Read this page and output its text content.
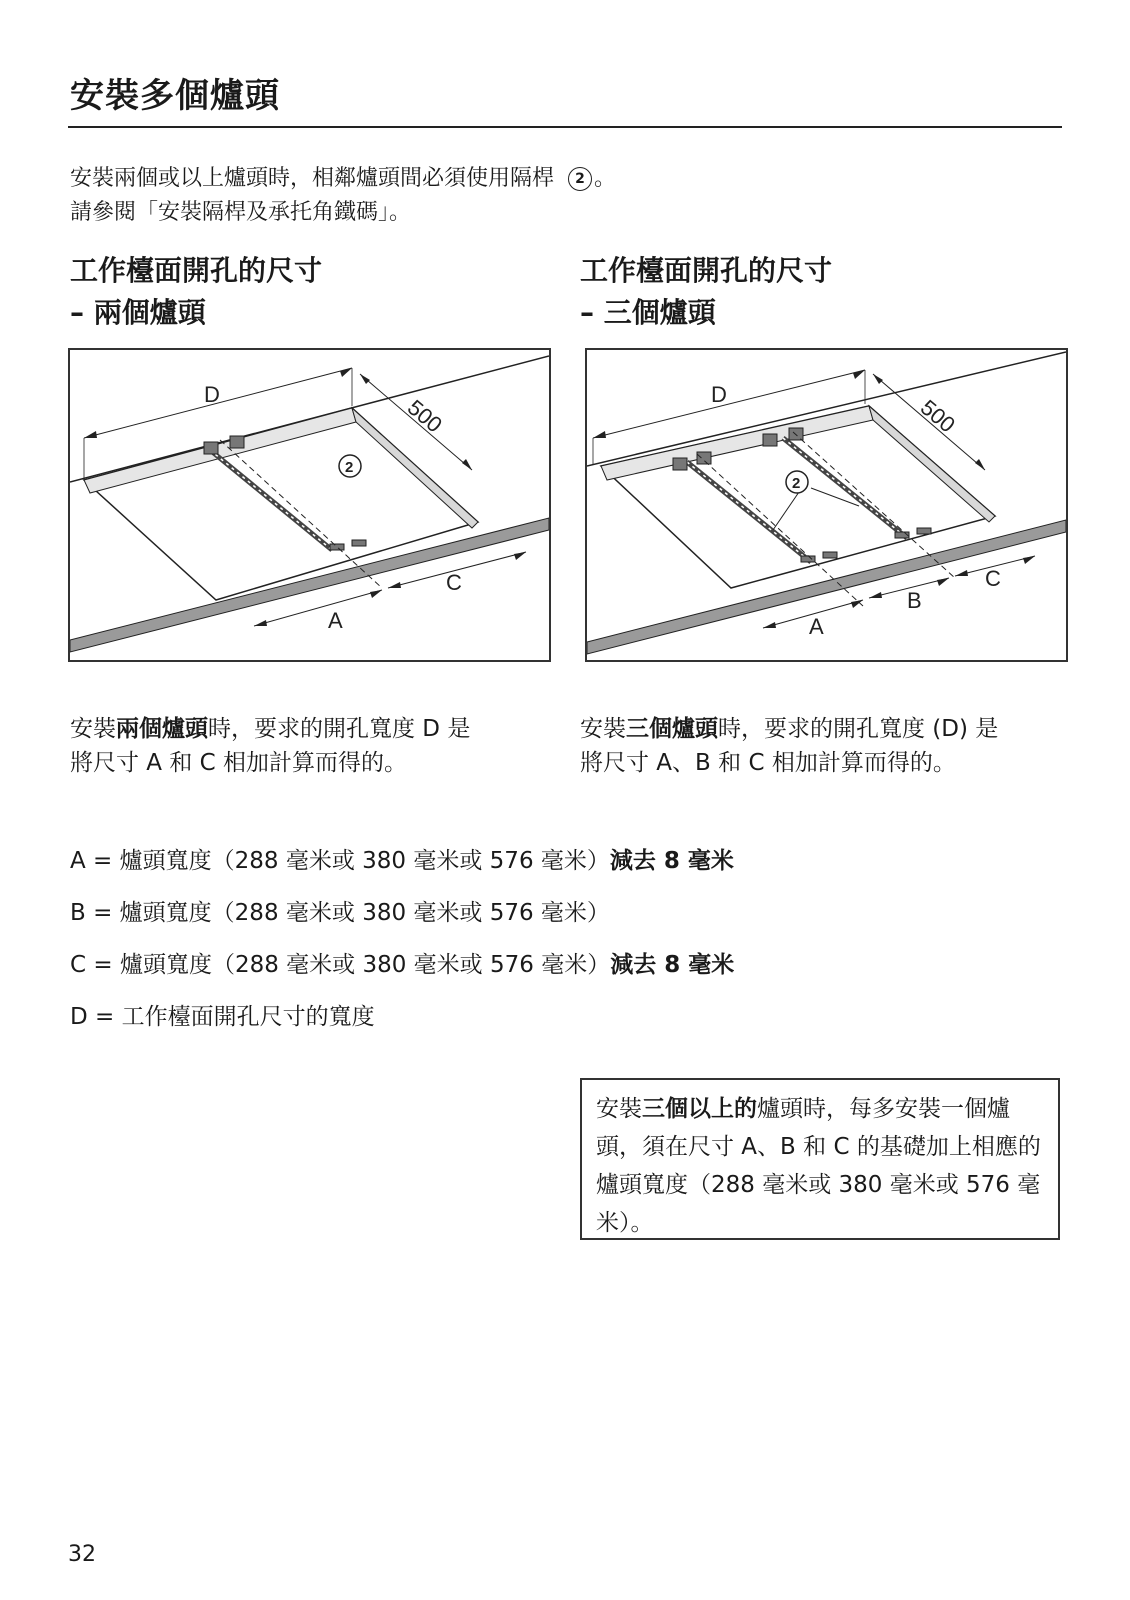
安裝多個爐頭
安裝兩個或以上爐頭時，相鄰爐頭間必須使用隔桿 2 。
請參閱「安裝隔桿及承托角鐵碼」。
工作檯面開孔的尺寸
– 兩個爐頭
工作檯面開孔的尺寸
– 三個爐頭
D
500
2
A
C
D
500
2
A
B
C
安裝兩個爐頭時，要求的開孔寬度 D 是
將尺寸 A 和 C 相加計算而得的。
安裝三個爐頭時，要求的開孔寬度 (D) 是
將尺寸 A、B 和 C 相加計算而得的。
A = 爐頭寬度（288 毫米或 380 毫米或 576 毫米）減去 8 毫米
B = 爐頭寬度（288 毫米或 380 毫米或 576 毫米）
C = 爐頭寬度（288 毫米或 380 毫米或 576 毫米）減去 8 毫米
D = 工作檯面開孔尺寸的寬度
安裝三個以上的爐頭時，每多安裝一個爐頭，須在尺寸 A、B 和 C 的基礎加上相應的爐頭寬度（288 毫米或 380 毫米或 576 毫米）。
32
